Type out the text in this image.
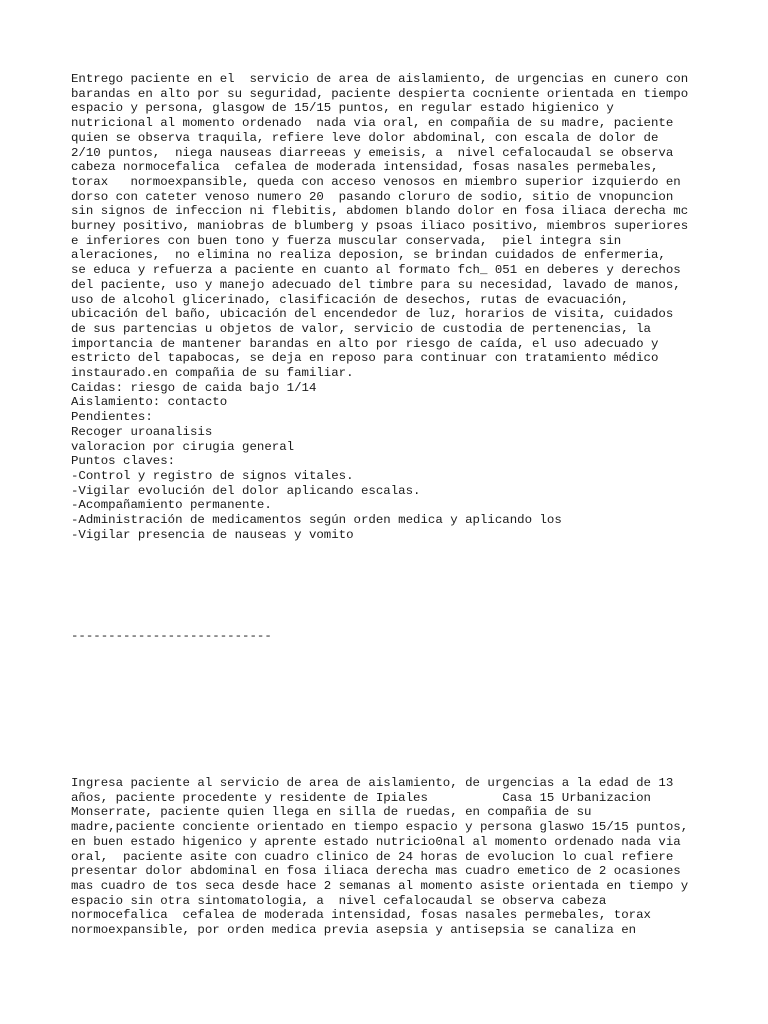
Entrego paciente en el  servicio de area de aislamiento, de urgencias en cunero con
barandas en alto por su seguridad, paciente despierta cocniente orientada en tiempo
espacio y persona, glasgow de 15/15 puntos, en regular estado higienico y
nutricional al momento ordenado  nada via oral, en compañia de su madre, paciente
quien se observa traquila, refiere leve dolor abdominal, con escala de dolor de
2/10 puntos,  niega nauseas diarreeas y emeisis, a  nivel cefalocaudal se observa
cabeza normocefalica  cefalea de moderada intensidad, fosas nasales permebales,
torax   normoexpansible, queda con acceso venosos en miembro superior izquierdo en
dorso con cateter venoso numero 20  pasando cloruro de sodio, sitio de vnopuncion
sin signos de infeccion ni flebitis, abdomen blando dolor en fosa iliaca derecha mc
burney positivo, maniobras de blumberg y psoas iliaco positivo, miembros superiores
e inferiores con buen tono y fuerza muscular conservada,  piel integra sin
aleraciones,  no elimina no realiza deposion, se brindan cuidados de enfermeria,
se educa y refuerza a paciente en cuanto al formato fch_ 051 en deberes y derechos
del paciente, uso y manejo adecuado del timbre para su necesidad, lavado de manos,
uso de alcohol glicerinado, clasificación de desechos, rutas de evacuación,
ubicación del baño, ubicación del encendedor de luz, horarios de visita, cuidados
de sus partencias u objetos de valor, servicio de custodia de pertenencias, la
importancia de mantener barandas en alto por riesgo de caída, el uso adecuado y
estricto del tapabocas, se deja en reposo para continuar con tratamiento médico
instaurado.en compañia de su familiar.
Caidas: riesgo de caida bajo 1/14
Aislamiento: contacto
Pendientes:
Recoger uroanalisis
valoracion por cirugia general
Puntos claves:
-Control y registro de signos vitales.
-Vigilar evolución del dolor aplicando escalas.
-Acompañamiento permanente.
-Administración de medicamentos según orden medica y aplicando los
-Vigilar presencia de nauseas y vomito
---------------------------
Ingresa paciente al servicio de area de aislamiento, de urgencias a la edad de 13
años, paciente procedente y residente de Ipiales          Casa 15 Urbanizacion
Monserrate, paciente quien llega en silla de ruedas, en compañia de su
madre,paciente conciente orientado en tiempo espacio y persona glaswo 15/15 puntos,
en buen estado higenico y aprente estado nutricio0nal al momento ordenado nada via
oral,  paciente asite con cuadro clinico de 24 horas de evolucion lo cual refiere
presentar dolor abdominal en fosa iliaca derecha mas cuadro emetico de 2 ocasiones
mas cuadro de tos seca desde hace 2 semanas al momento asiste orientada en tiempo y
espacio sin otra sintomatologia, a  nivel cefalocaudal se observa cabeza
normocefalica  cefalea de moderada intensidad, fosas nasales permebales, torax
normoexpansible, por orden medica previa asepsia y antisepsia se canaliza en
